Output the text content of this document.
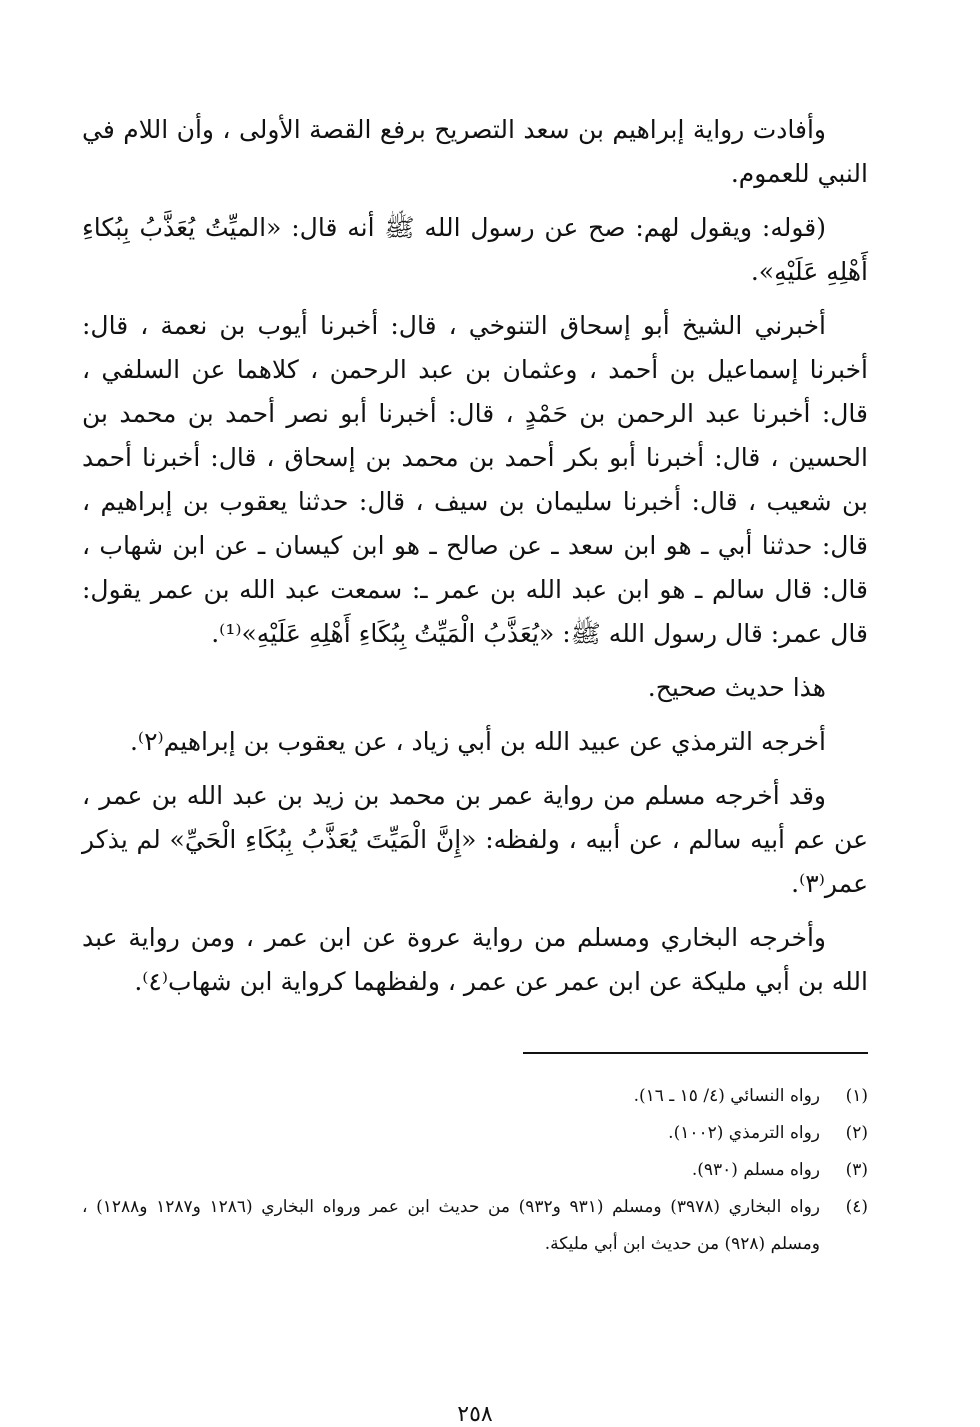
وأفادت رواية إبراهيم بن سعد التصريح برفع القصة الأولى ، وأن اللام في النبي للعموم.

(قوله: ويقول لهم: صح عن رسول الله ﷺ أنه قال: «الميِّتُ يُعَذَّبُ بِبُكاءِ أَهْلِهِ عَلَيْهِ».

أخبرني الشيخ أبو إسحاق التنوخي ، قال: أخبرنا أيوب بن نعمة ، قال: أخبرنا إسماعيل بن أحمد ، وعثمان بن عبد الرحمن ، كلاهما عن السلفي ، قال: أخبرنا عبد الرحمن بن حَمْدٍ ، قال: أخبرنا أبو نصر أحمد بن محمد بن الحسين ، قال: أخبرنا أبو بكر أحمد بن محمد بن إسحاق ، قال: أخبرنا أحمد بن شعيب ، قال: أخبرنا سليمان بن سيف ، قال: حدثنا يعقوب بن إبراهيم ، قال: حدثنا أبي ـ هو ابن سعد ـ عن صالح ـ هو ابن كيسان ـ عن ابن شهاب ، قال: قال سالم ـ هو ابن عبد الله بن عمر ـ: سمعت عبد الله بن عمر يقول: قال عمر: قال رسول الله ﷺ: «يُعَذَّبُ الْمَيِّتُ بِبُكَاءِ أَهْلِهِ عَلَيْهِ»⁽¹⁾.

هذا حديث صحيح.

أخرجه الترمذي عن عبيد الله بن أبي زياد ، عن يعقوب بن إبراهيم⁽٢⁾.

وقد أخرجه مسلم من رواية عمر بن محمد بن زيد بن عبد الله بن عمر ، عن عم أبيه سالم ، عن أبيه ، ولفظه: «إِنَّ الْمَيِّتَ يُعَذَّبُ بِبُكَاءِ الْحَيِّ» لم يذكر عمر⁽٣⁾.

وأخرجه البخاري ومسلم من رواية عروة عن ابن عمر ، ومن رواية عبد الله بن أبي مليكة عن ابن عمر عن عمر ، ولفظهما كرواية ابن شهاب⁽٤⁾.

(١)
رواه النسائي (٤/ ١٥ ـ ١٦).
(٢)
رواه الترمذي (١٠٠٢).
(٣)
رواه مسلم (٩٣٠).
(٤)
رواه البخاري (٣٩٧٨) ومسلم (٩٣١ و٩٣٢) من حديث ابن عمر ورواه البخاري (١٢٨٦ و١٢٨٧ و١٢٨٨) ، ومسلم (٩٢٨) من حديث ابن أبي مليكة.
٢٥٨
